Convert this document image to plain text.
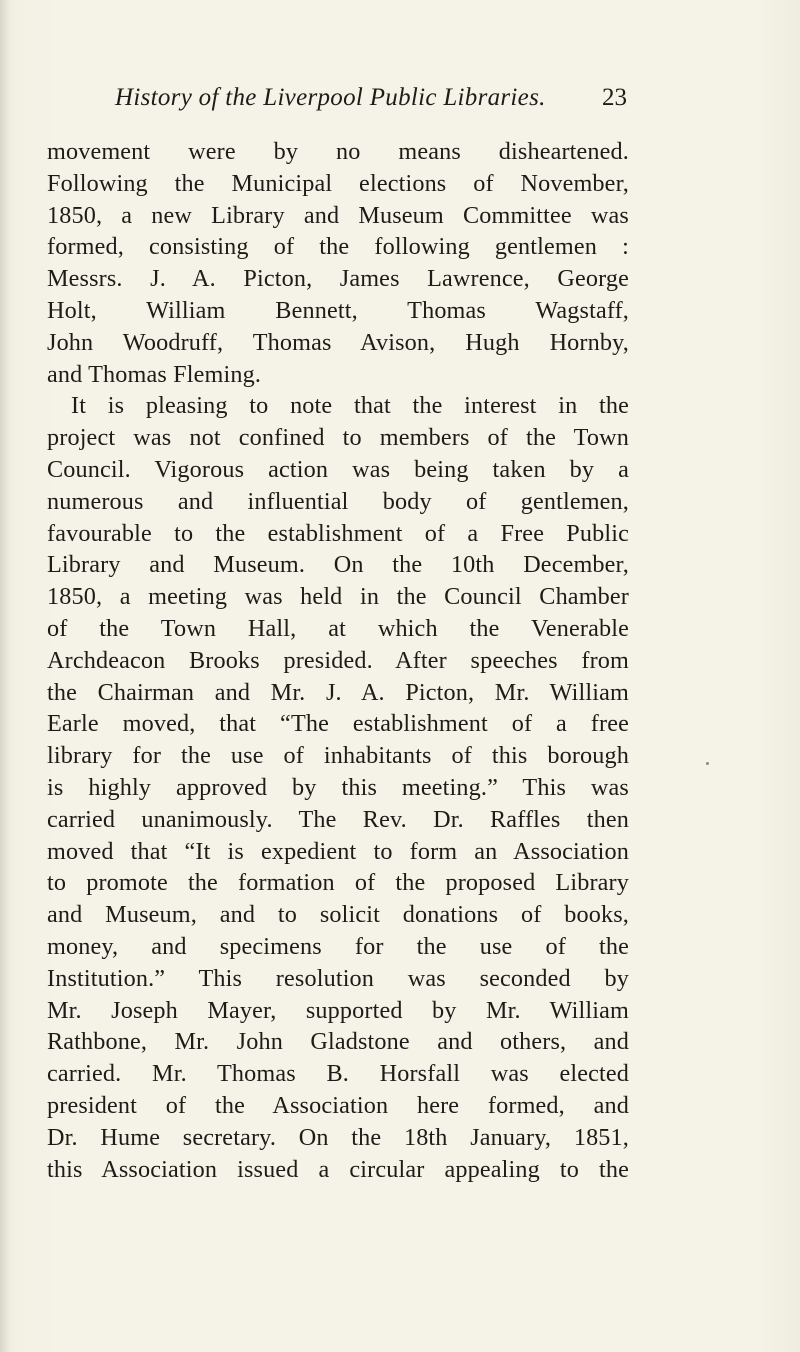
History of the Liverpool Public Libraries. 23
movement were by no means disheartened.
Following the Municipal elections of November,
1850, a new Library and Museum Committee was
formed, consisting of the following gentlemen :
Messrs. J. A. Picton, James Lawrence, George
Holt, William Bennett, Thomas Wagstaff,
John Woodruff, Thomas Avison, Hugh Hornby,
and Thomas Fleming.
It is pleasing to note that the interest in the
project was not confined to members of the Town
Council. Vigorous action was being taken by a
numerous and influential body of gentlemen,
favourable to the establishment of a Free Public
Library and Museum. On the 10th December,
1850, a meeting was held in the Council Chamber
of the Town Hall, at which the Venerable
Archdeacon Brooks presided. After speeches from
the Chairman and Mr. J. A. Picton, Mr. William
Earle moved, that “The establishment of a free
library for the use of inhabitants of this borough
is highly approved by this meeting.” This was
carried unanimously. The Rev. Dr. Raffles then
moved that “It is expedient to form an Association
to promote the formation of the proposed Library
and Museum, and to solicit donations of books,
money, and specimens for the use of the
Institution.” This resolution was seconded by
Mr. Joseph Mayer, supported by Mr. William
Rathbone, Mr. John Gladstone and others, and
carried. Mr. Thomas B. Horsfall was elected
president of the Association here formed, and
Dr. Hume secretary. On the 18th January, 1851,
this Association issued a circular appealing to the
